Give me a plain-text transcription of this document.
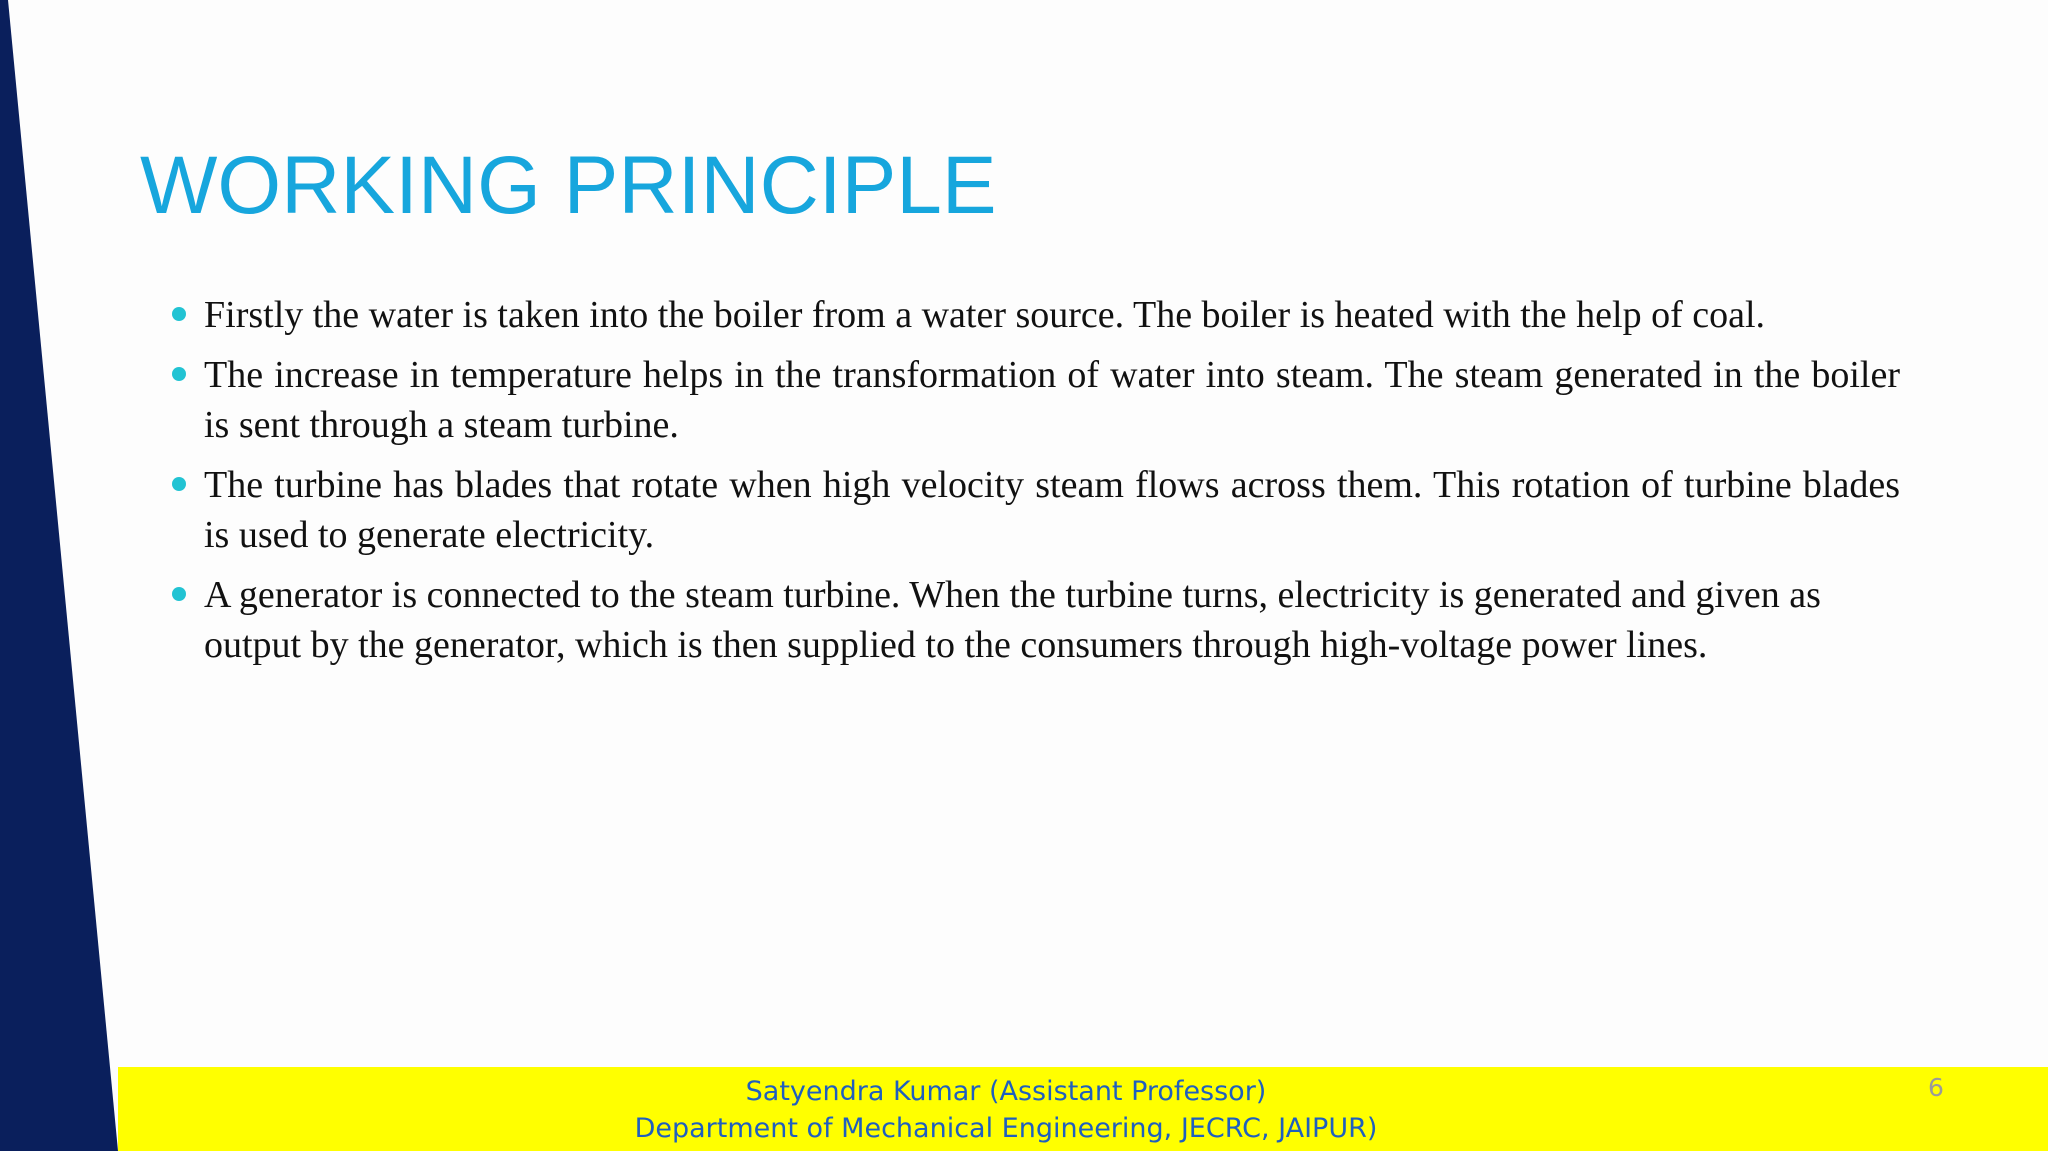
WORKING PRINCIPLE
Firstly the water is taken into the boiler from a water source. The boiler is heated with the help of coal.
The increase in temperature helps in the transformation of water into steam. The steam generated in the boiler is sent through a steam turbine.
The turbine has blades that rotate when high velocity steam flows across them. This rotation of turbine blades is used to generate electricity.
A generator is connected to the steam turbine. When the turbine turns, electricity is generated and given as output by the generator, which is then supplied to the consumers through high-voltage power lines.
Satyendra Kumar (Assistant Professor)
Department of Mechanical Engineering, JECRC, JAIPUR)
6
